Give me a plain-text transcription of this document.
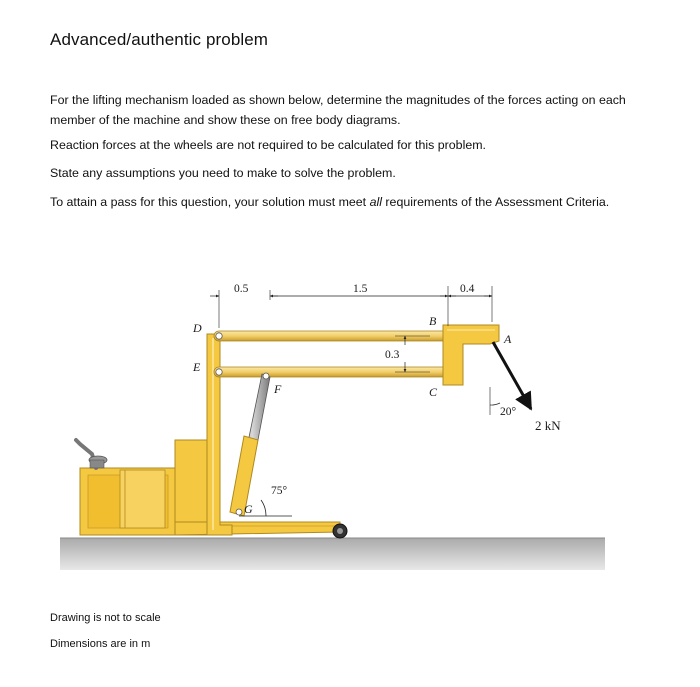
Advanced/authentic problem
For the lifting mechanism loaded as shown below, determine the magnitudes of the forces acting on each member of the machine and show these on free body diagrams.
Reaction forces at the wheels are not required to be calculated for this problem.
State any assumptions you need to make to solve the problem.
To attain a pass for this question, your solution must meet all requirements of the Assessment Criteria.
0.5	1.5	0.4
0.3
D
E
F
B
C
A
G
75°
20°
2 kN
Drawing is not to scale
Dimensions are in m
